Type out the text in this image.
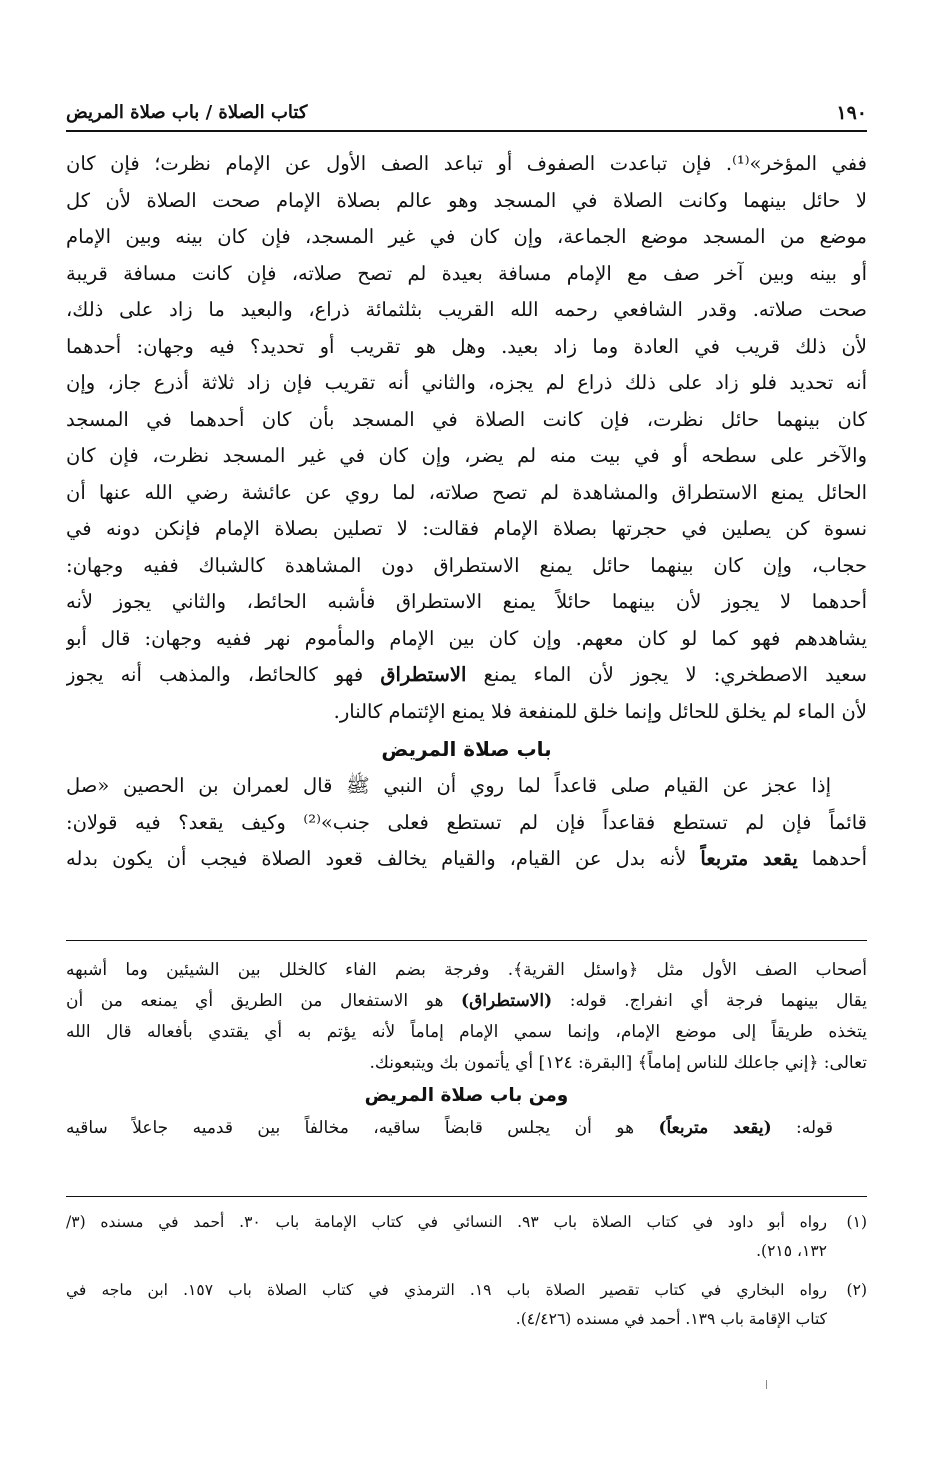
١٩٠
كتاب الصلاة / باب صلاة المريض
ففي المؤخر»⁽¹⁾. فإن تباعدت الصفوف أو تباعد الصف الأول عن الإمام نظرت؛ فإن كان
لا حائل بينهما وكانت الصلاة في المسجد وهو عالم بصلاة الإمام صحت الصلاة لأن كل
موضع من المسجد موضع الجماعة، وإن كان في غير المسجد، فإن كان بينه وبين الإمام
أو بينه وبين آخر صف مع الإمام مسافة بعيدة لم تصح صلاته، فإن كانت مسافة قريبة
صحت صلاته. وقدر الشافعي رحمه الله القريب بثلثمائة ذراع، والبعيد ما زاد على ذلك،
لأن ذلك قريب في العادة وما زاد بعيد. وهل هو تقريب أو تحديد؟ فيه وجهان: أحدهما
أنه تحديد فلو زاد على ذلك ذراع لم يجزه، والثاني أنه تقريب فإن زاد ثلاثة أذرع جاز، وإن
كان بينهما حائل نظرت، فإن كانت الصلاة في المسجد بأن كان أحدهما في المسجد
والآخر على سطحه أو في بيت منه لم يضر، وإن كان في غير المسجد نظرت، فإن كان
الحائل يمنع الاستطراق والمشاهدة لم تصح صلاته، لما روي عن عائشة رضي الله عنها أن
نسوة كن يصلين في حجرتها بصلاة الإمام فقالت: لا تصلين بصلاة الإمام فإنكن دونه في
حجاب، وإن كان بينهما حائل يمنع الاستطراق دون المشاهدة كالشباك ففيه وجهان:
أحدهما لا يجوز لأن بينهما حائلاً يمنع الاستطراق فأشبه الحائط، والثاني يجوز لأنه
يشاهدهم فهو كما لو كان معهم. وإن كان بين الإمام والمأموم نهر ففيه وجهان: قال أبو
سعيد الاصطخري: لا يجوز لأن الماء يمنع الاستطراق فهو كالحائط، والمذهب أنه يجوز
لأن الماء لم يخلق للحائل وإنما خلق للمنفعة فلا يمنع الإئتمام كالنار.
باب صلاة المريض
إذا عجز عن القيام صلى قاعداً لما روي أن النبي ﷺ قال لعمران بن الحصين «صل
قائماً فإن لم تستطع فقاعداً فإن لم تستطع فعلى جنب»⁽²⁾ وكيف يقعد؟ فيه قولان:
أحدهما يقعد متربعاً لأنه بدل عن القيام، والقيام يخالف قعود الصلاة فيجب أن يكون بدله
أصحاب الصف الأول مثل ﴿واسئل القرية﴾. وفرجة بضم الفاء كالخلل بين الشيئين وما أشبهه
يقال بينهما فرجة أي انفراج. قوله: (الاستطراق) هو الاستفعال من الطريق أي يمنعه من أن
يتخذه طريقاً إلى موضع الإمام، وإنما سمي الإمام إماماً لأنه يؤتم به أي يقتدي بأفعاله قال الله
تعالى: ﴿إني جاعلك للناس إماماً﴾ [البقرة: ١٢٤] أي يأتمون بك ويتبعونك.
ومن باب صلاة المريض
قوله: (يقعد متربعاً) هو أن يجلس قابضاً ساقيه، مخالفاً بين قدميه جاعلاً ساقيه
(١)
رواه أبو داود في كتاب الصلاة باب ٩٣. النسائي في كتاب الإمامة باب ٣٠. أحمد في مسنده (٣/
١٣٢، ٢١٥).
(٢)
رواه البخاري في كتاب تقصير الصلاة باب ١٩. الترمذي في كتاب الصلاة باب ١٥٧. ابن ماجه في
كتاب الإقامة باب ١٣٩. أحمد في مسنده (٤/٤٢٦).
